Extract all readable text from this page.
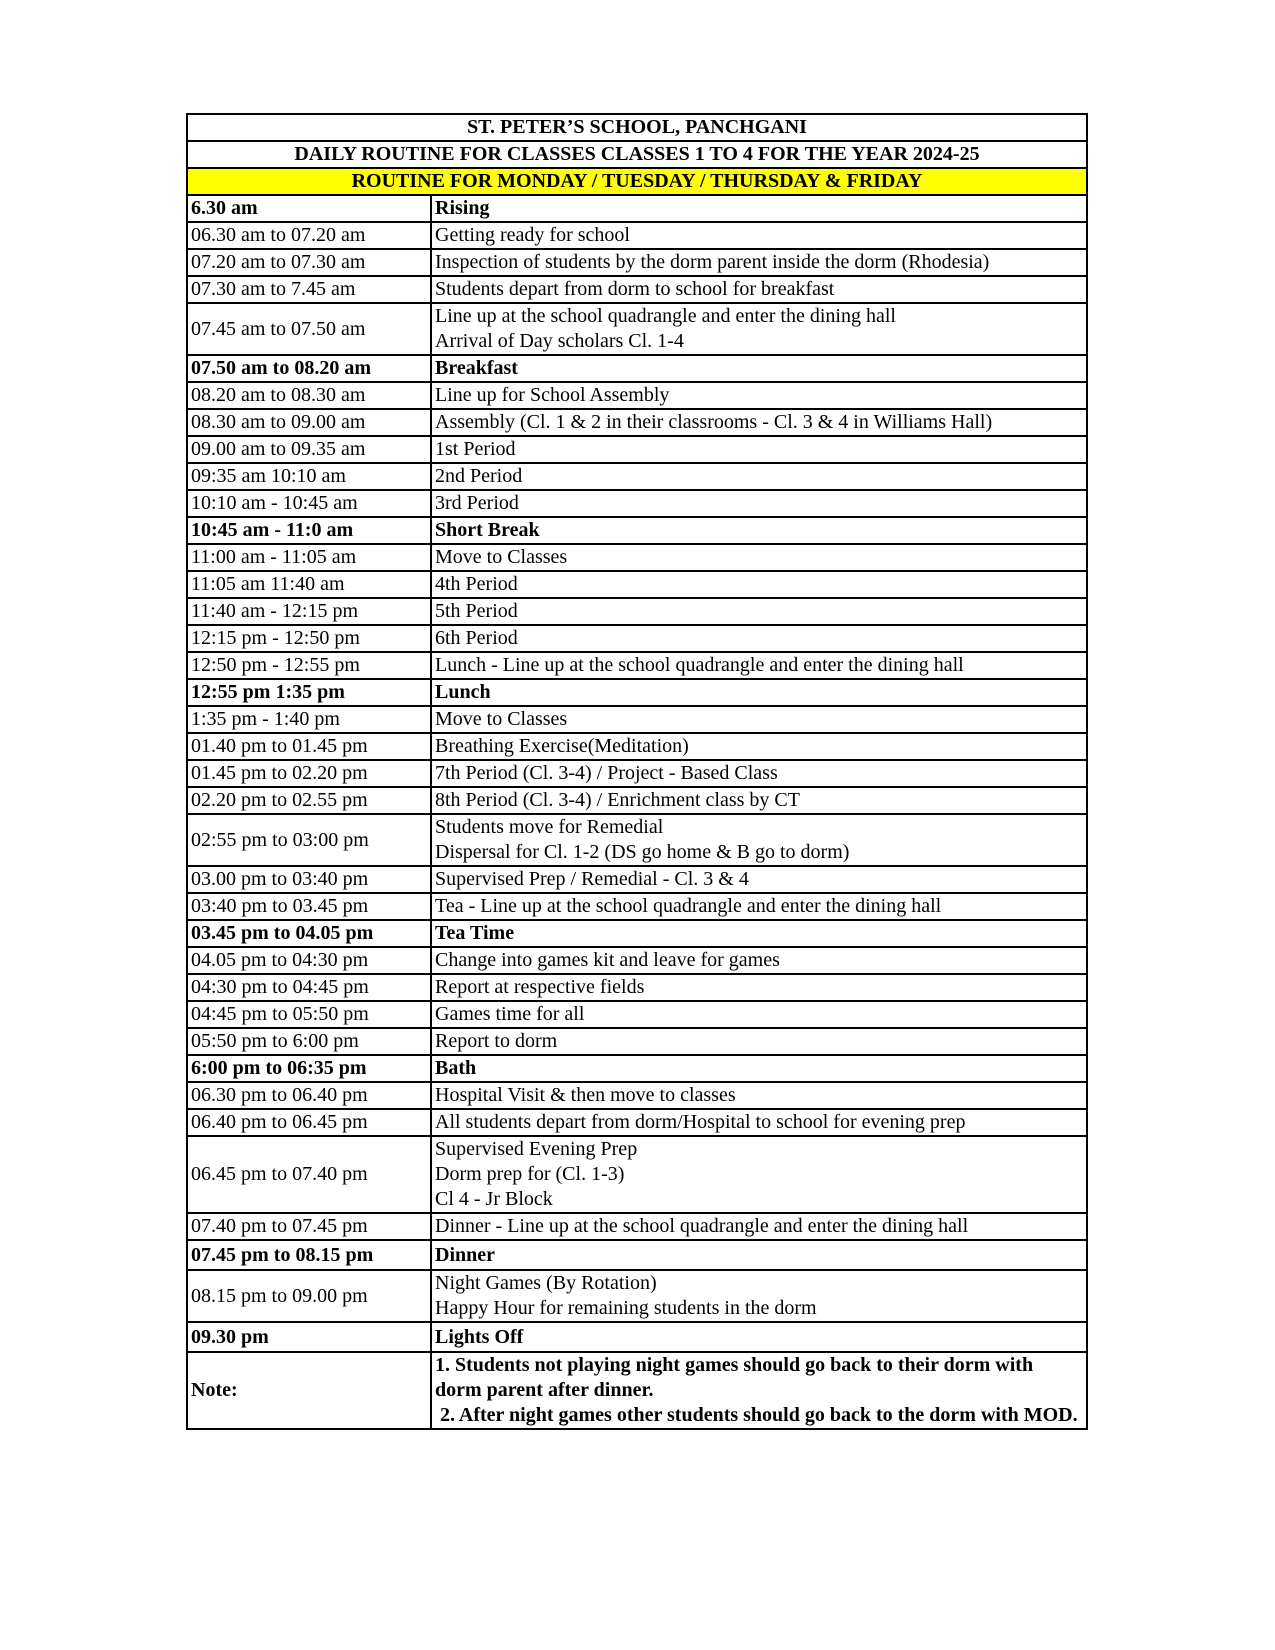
ST. PETER’S SCHOOL, PANCHGANI	
DAILY ROUTINE FOR CLASSES CLASSES 1 TO 4 FOR THE YEAR 2024-25	
ROUTINE FOR MONDAY / TUESDAY / THURSDAY & FRIDAY	
6.30 am	Rising

06.30 am to 07.20 am	Getting ready for school

07.20 am to 07.30 am	Inspection of students by the dorm parent inside the dorm (Rhodesia)

07.30 am to 7.45 am	Students depart from dorm to school for breakfast

07.45 am to 07.50 am	Line up at the school quadrangle and enter the dining hall
Arrival of Day scholars Cl. 1-4

07.50 am to 08.20 am	Breakfast

08.20 am to 08.30 am	Line up for School Assembly

08.30 am to 09.00 am	Assembly (Cl. 1 & 2 in their classrooms - Cl. 3 & 4 in Williams Hall)

09.00 am to 09.35 am	1st Period

09:35 am 10:10 am	2nd Period

10:10 am - 10:45 am	3rd Period

10:45 am - 11:0 am	Short Break

11:00 am - 11:05 am	Move to Classes

11:05 am 11:40 am	4th Period

11:40 am - 12:15 pm	5th Period

12:15 pm - 12:50 pm	6th Period

12:50 pm - 12:55 pm	Lunch - Line up at the school quadrangle and enter the dining hall

12:55 pm 1:35 pm	Lunch

1:35 pm - 1:40 pm	Move to Classes

01.40 pm to 01.45 pm	Breathing Exercise(Meditation)

01.45 pm to 02.20 pm	7th Period (Cl. 3-4) / Project - Based Class

02.20 pm to 02.55 pm	8th Period (Cl. 3-4) / Enrichment class by CT

02:55 pm to 03:00 pm	Students move for Remedial
Dispersal for Cl. 1-2 (DS go home & B go to dorm)

03.00 pm to 03:40 pm	Supervised Prep / Remedial - Cl. 3 & 4

03:40 pm to 03.45 pm	Tea - Line up at the school quadrangle and enter the dining hall

03.45 pm to 04.05 pm	Tea Time

04.05 pm to 04:30 pm	Change into games kit and leave for games

04:30 pm to 04:45 pm	Report at respective fields

04:45 pm to 05:50 pm	Games time for all

05:50 pm to 6:00 pm	Report to dorm

6:00 pm to 06:35 pm	Bath

06.30 pm to 06.40 pm	Hospital Visit & then move to classes

06.40 pm to 06.45 pm	All students depart from dorm/Hospital to school for evening prep

06.45 pm to 07.40 pm	Supervised Evening Prep
Dorm prep for (Cl. 1-3)
Cl 4 - Jr Block

07.40 pm to 07.45 pm	Dinner - Line up at the school quadrangle and enter the dining hall

07.45 pm to 08.15 pm	Dinner

08.15 pm to 09.00 pm	Night Games (By Rotation)
Happy Hour for remaining students in the dorm

09.30 pm	Lights Off

Note:	1. Students not playing night games should go back to their dorm with dorm parent after dinner.
2. After night games other students should go back to the dorm with MOD.
